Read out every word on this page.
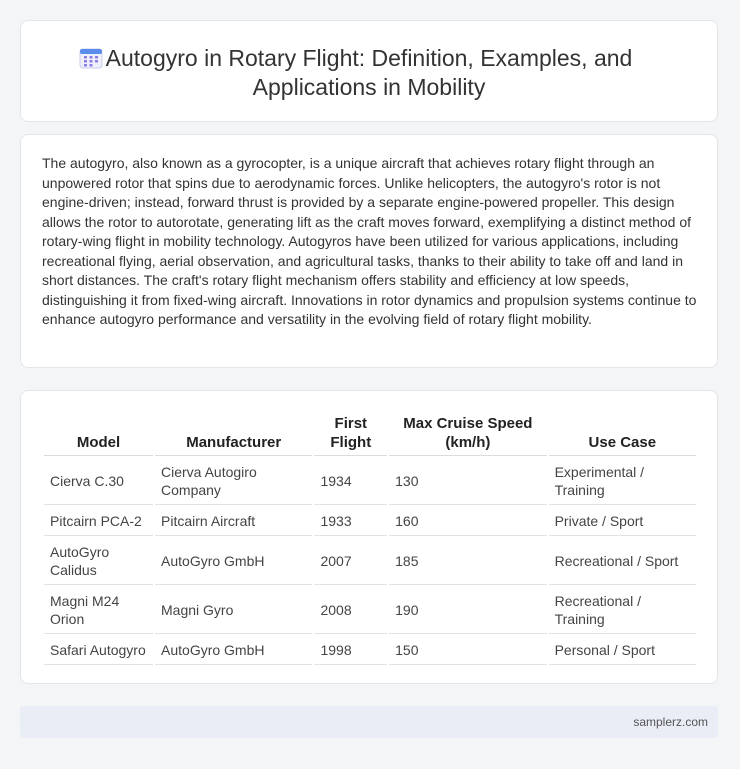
Autogyro in Rotary Flight: Definition, Examples, and
Applications in Mobility
The autogyro, also known as a gyrocopter, is a unique aircraft that achieves rotary flight through an unpowered rotor that spins due to aerodynamic forces. Unlike helicopters, the autogyro's rotor is not engine-driven; instead, forward thrust is provided by a separate engine-powered propeller. This design allows the rotor to autorotate, generating lift as the craft moves forward, exemplifying a distinct method of rotary-wing flight in mobility technology. Autogyros have been utilized for various applications, including recreational flying, aerial observation, and agricultural tasks, thanks to their ability to take off and land in short distances. The craft's rotary flight mechanism offers stability and efficiency at low speeds, distinguishing it from fixed-wing aircraft. Innovations in rotor dynamics and propulsion systems continue to enhance autogyro performance and versatility in the evolving field of rotary flight mobility.
Model	Manufacturer	First Flight	Max Cruise Speed (km/h)	Use Case
Cierva C.30	Cierva Autogiro Company	1934	130	Experimental / Training
Pitcairn PCA-2	Pitcairn Aircraft	1933	160	Private / Sport
AutoGyro Calidus	AutoGyro GmbH	2007	185	Recreational / Sport
Magni M24 Orion	Magni Gyro	2008	190	Recreational / Training
Safari Autogyro	AutoGyro GmbH	1998	150	Personal / Sport
samplerz.com
